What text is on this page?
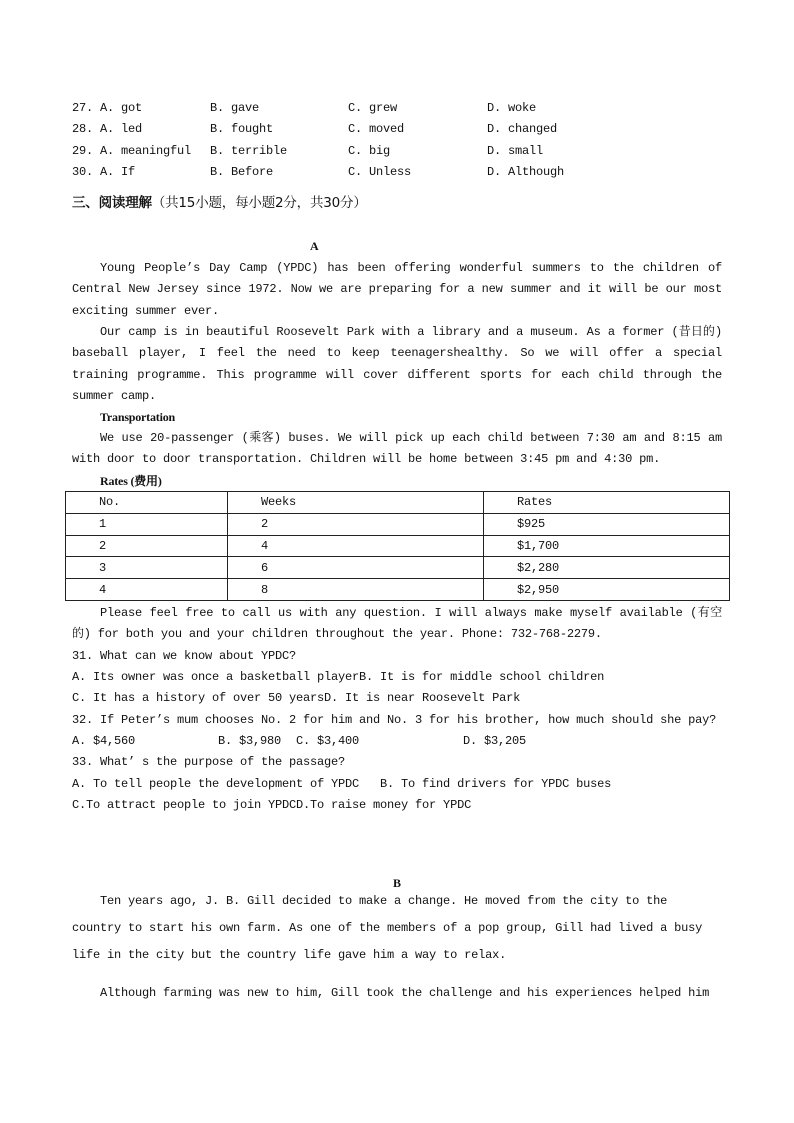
27. A. got	B. gave	C. grew	D. woke
28. A. led	B. fought	C. moved	D. changed
29. A. meaningful B. terrible	C. big	D. small
30. A. If	B. Before	C. Unless	D. Although
三、阅读理解（共15小题，每小题2分，共30分）
A
Young People’s Day Camp (YPDC) has been offering wonderful summers to the children of Central New Jersey since 1972. Now we are preparing for a new summer and it will be our most exciting summer ever.
Our camp is in beautiful Roosevelt Park with a library and a museum. As a former (昔日的) baseball player, I feel the need to keep teenagershealthy. So we will offer a special training programme. This programme will cover different sports for each child through the summer camp.
Transportation
We use 20-passenger (乘客) buses. We will pick up each child between 7:30 am and 8:15 am with door to door transportation. Children will be home between 3:45 pm and 4:30 pm.
Rates (费用)
No.	Weeks	Rates
1	2	$925
2	4	$1,700
3	6	$2,280
4	8	$2,950
Please feel free to call us with any question. I will always make myself available (有空的) for both you and your children throughout the year. Phone: 732-768-2279.
31. What can we know about YPDC?
A. Its owner was once a basketball playerB. It is for middle school children
C. It has a history of over 50 yearsD. It is near Roosevelt Park
32. If Peter’s mum chooses No. 2 for him and No. 3 for his brother, how much should she pay?
A. $4,560	B. $3,980 C. $3,400	D. $3,205
33. What’ s the purpose of the passage?
A. To tell people the development of YPDC   B. To find drivers for YPDC buses
C.To attract people to join YPDCD.To raise money for YPDC
B
Ten years ago, J. B. Gill decided to make a change. He moved from the city to the country to start his own farm. As one of the members of a pop group, Gill had lived a busy life in the city but the country life gave him a way to relax.
Although farming was new to him, Gill took the challenge and his experiences helped him
